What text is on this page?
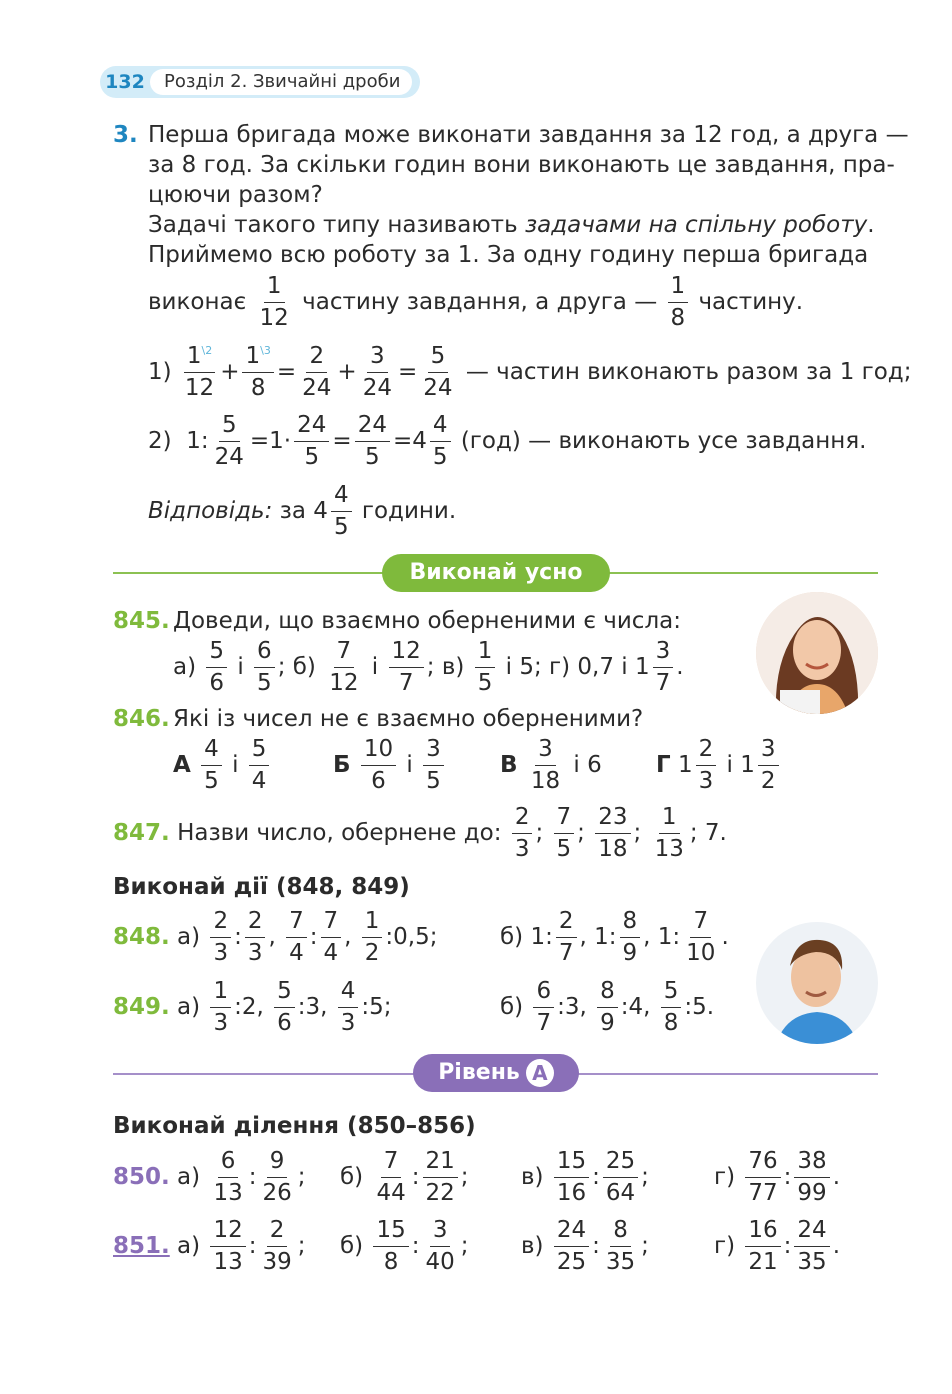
132	Розділ 2. Звичайні дроби
3. Перша бригада може виконати завдання за 12 год, а друга —
за 8 год. За скільки годин вони виконають це завдання, пра-
цюючи разом?
Задачі такого типу називають задачами на спільну роботу.
Приймемо всю роботу за 1. За одну годину перша бригада
виконає $\frac{1}{12}$ частину завдання, а друга — $\frac{1}{8}$ частину.
$1) \frac{1^{\backslash 2}}{12} + \frac{1^{\backslash 3}}{8} = \frac{2}{24} + \frac{3}{24} = \frac{5}{24}$ — частин виконають разом за 1 год;
2)  1: $\frac{5}{24} =1\cdot \frac{24}{5} = \frac{24}{5} =4 \frac{4}{5} (год)$ — виконають усе завдання.
Відповідь: за $4 \frac{4}{5}$ години.
Виконай усно
845. Доведи, що взаємно оберненими є числа:
$а) \frac{5}{6}$ і $\frac{6}{5}$ ; $б) \frac{7}{12}$ і $\frac{12}{7}$ ; $в) \frac{1}{5}$ і 5; г) 0,7 і $1 \frac{3}{7}$ .
846. Які із чисел не є взаємно оберненими?
А $\frac{4}{5}$ і $\frac{5}{4}$	Б $\frac{10}{6}$ і $\frac{3}{5}$ В $\frac{3}{18}$ і 6 Г $1 \frac{2}{3}$ і $1 \frac{3}{2}$
847. Назви число, обернене до: $\frac{2}{3}$ ; $\frac{7}{5}$ ; $\frac{23}{18}$ ; $\frac{1}{13}$ ; 7.
Виконай дії (848, 849)
848. $а) \frac{2}{3}$ : $\frac{2}{3}$ , $\frac{7}{4}$ : $\frac{7}{4}$ , $\frac{1}{2}$ :0,5;	б) 1: $\frac{2}{7}$ , 1: $\frac{8}{9}$ , 1: $\frac{7}{10}$ .
849. $а) \frac{1}{3}$ :2, $\frac{5}{6}$ :3, $\frac{4}{3}$ :5;	$б) \frac{6}{7}$ :3, $\frac{8}{9}$ :4, $\frac{5}{8}$ :5.
Рівень А
Виконай ділення (850–856)
850. $а) \frac{6}{13}$ : $\frac{9}{26}$ ; $б) \frac{7}{44}$ : $\frac{21}{22}$ ; $в) \frac{15}{16}$ : $\frac{25}{64}$ ;	$г) \frac{76}{77}$ : $\frac{38}{99}$ .
851. $а) \frac{12}{13}$ : $\frac{2}{39}$ ; $б) \frac{15}{8}$ : $\frac{3}{40}$ ; $в) \frac{24}{25}$ : $\frac{8}{35}$ ;	$г) \frac{16}{21}$ : $\frac{24}{35}$ .
